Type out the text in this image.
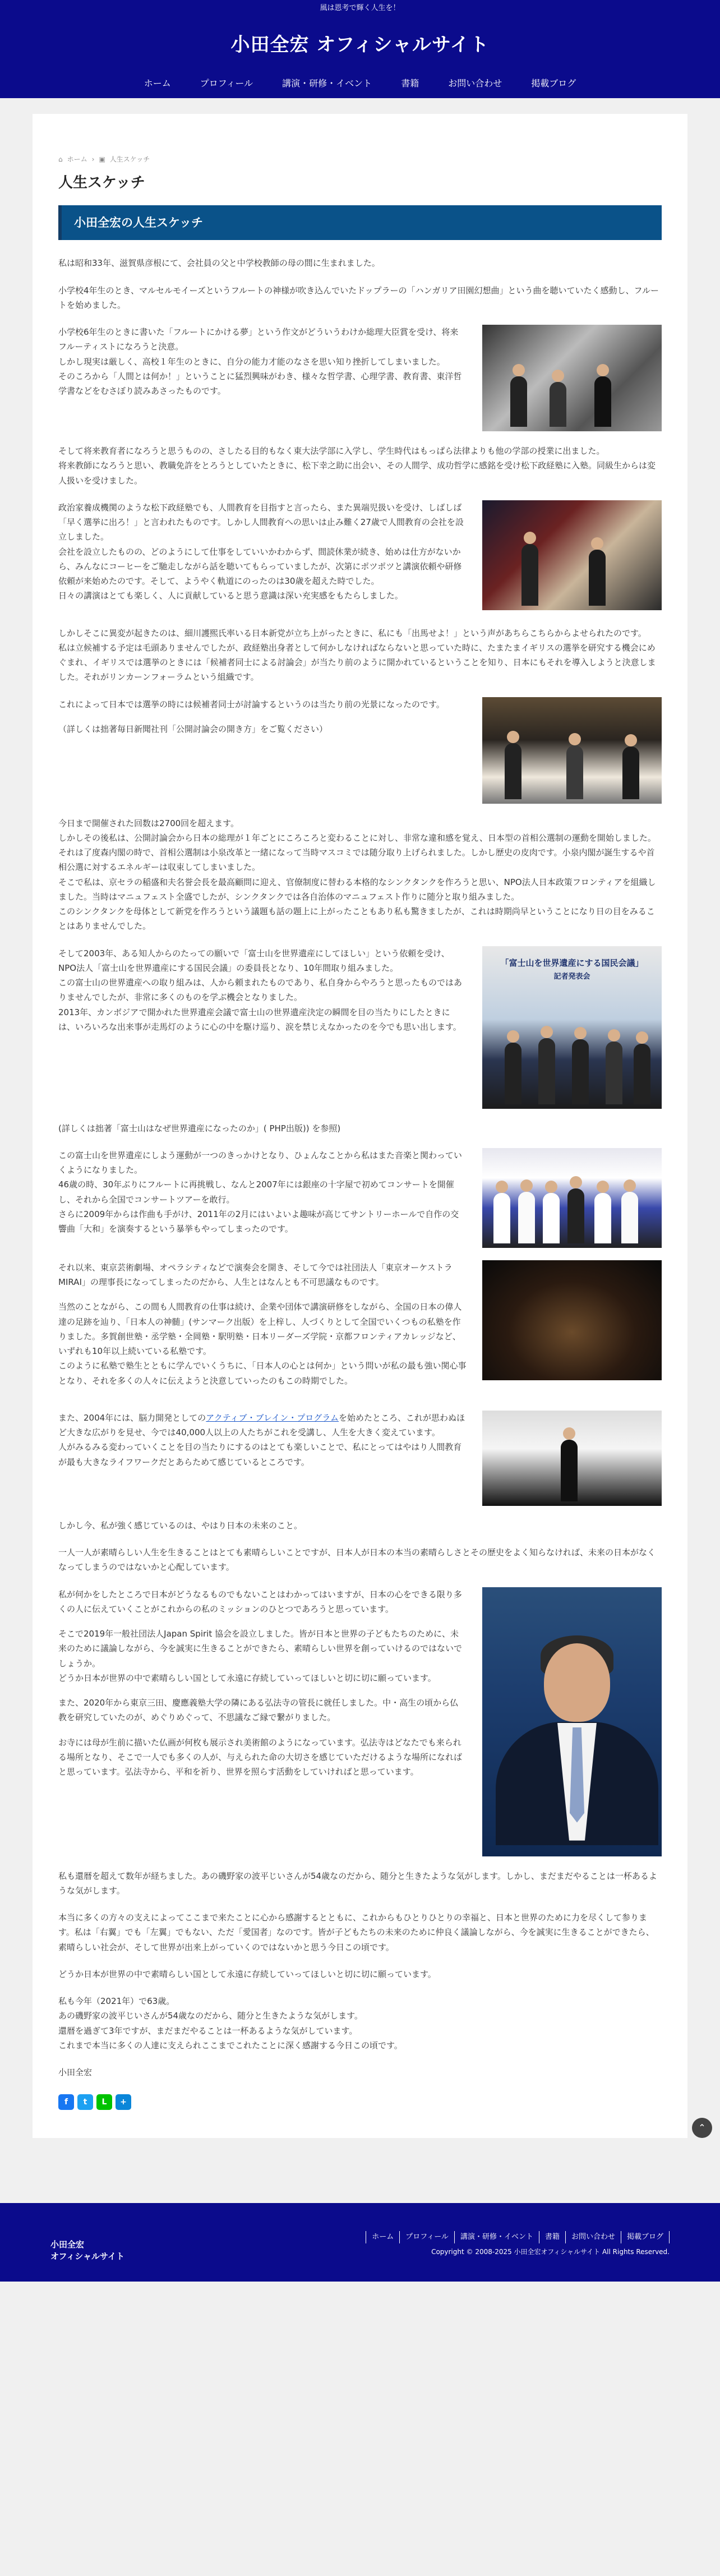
風は恩考で輝く人生を！
小田全宏 オフィシャルサイト
ホーム	プロフィール	講演・研修・イベント	書籍	お問い合わせ	掲載ブログ
⌂ ホーム › ▣ 人生スケッチ
人生スケッチ
小田全宏の人生スケッチ

私は昭和33年、滋賀県彦根にて、会社員の父と中学校教師の母の間に生まれました。

小学校4年生のとき、マルセルモイーズというフルートの神様が吹き込んでいたドップラーの「ハンガリア田園幻想曲」という曲を聴いていたく感動し、フルートを始めました。

小学校6年生のときに書いた「フルートにかける夢」という作文がどういうわけか総理大臣賞を受け、将来フルーティストになろうと決意。
しかし現実は厳しく、高校１年生のときに、自分の能力才能のなさを思い知り挫折してしまいました。
そのころから「人間とは何か！」ということに猛烈興味がわき、様々な哲学書、心理学書、教育書、東洋哲学書などをむさぼり読みあさったものです。

そして将来教育者になろうと思うものの、さしたる目的もなく東大法学部に入学し、学生時代はもっぱら法律よりも他の学部の授業に出ました。
将来教師になろうと思い、教職免許をとろうとしていたときに、松下幸之助に出会い、その人間学、成功哲学に感銘を受け松下政経塾に入塾。同級生からは変人扱いを受けました。

政治家養成機関のような松下政経塾でも、人間教育を目指すと言ったら、また異端児扱いを受け、しばしば「早く選挙に出ろ！」と言われたものです。しかし人間教育への思いは止み難く27歳で人間教育の会社を設立しました。
会社を設立したものの、どのようにして仕事をしていいかわからず、間読休業が続き、始めは仕方がないから、みんなにコーヒーをご馳走しながら話を聴いてもらっていましたが、次第にポツポツと講演依頼や研修依頼が来始めたのです。そして、ようやく軌道にのったのは30歳を超えた時でした。
日々の講演はとても楽しく、人に貢献していると思う意識は深い充実感をもたらしました。

しかしそこに異変が起きたのは、細川護煕氏率いる日本新党が立ち上がったときに、私にも「出馬せよ！」という声があちらこちらからよせられたのです。
私は立候補する予定は毛頭ありませんでしたが、政経塾出身者として何かしなければならないと思っていた時に、たまたまイギリスの選挙を研究する機会にめぐまれ、イギリスでは選挙のときには「候補者同士による討論会」が当たり前のように開かれているということを知り、日本にもそれを導入しようと決意しました。それがリンカーンフォーラムという組織です。

これによって日本では選挙の時には候補者同士が討論するというのは当たり前の光景になったのです。

（詳しくは拙著毎日新聞社刊「公開討論会の開き方」をご覧ください）

今日まで開催された回数は2700回を超えます。
しかしその後私は、公開討論会から日本の総理が１年ごとにころころと変わることに対し、非常な違和感を覚え、日本型の首相公選制の運動を開始しました。
それは了度森内閣の時で、首相公選制は小泉改革と一緒になって当時マスコミでは随分取り上げられました。しかし歴史の皮肉です。小泉内閣が誕生するや首相公選に対するエネルギーは収束してしまいました。
そこで私は、京セラの稲盛和夫名誉会長を最高顧問に迎え、官僚制度に替わる本格的なシンクタンクを作ろうと思い、NPO法人日本政策フロンティアを組織しました。当時はマニュフェスト全盛でしたが、シンクタンクでは各自治体のマニュフェスト作りに随分と取り組みました。
このシンクタンクを母体として新党を作ろうという議題も話の題上に上がったこともあり私も驚きましたが、これは時期尚早ということになり日の目をみることはありませんでした。

そして2003年、ある知人からのたっての願いで「富士山を世界遺産にしてほしい」という依頼を受け、NPO法人「富士山を世界遺産にする国民会議」の委員長となり、10年間取り組みました。
この富士山の世界遺産への取り組みは、人から頼まれたものであり、私自身からやろうと思ったものではありませんでしたが、非常に多くのものを学ぶ機会となりました。
2013年、カンボジアで開かれた世界遺産会議で富士山の世界遺産決定の瞬間を目の当たりにしたときには、いろいろな出来事が走馬灯のように心の中を駆け巡り、涙を禁じえなかったのを今でも思い出します。

「富士山を世界遺産にする国民会議」
記者発表会

(詳しくは拙著「富士山はなぜ世界遺産になったのか」( PHP出版)) を参照)

この富士山を世界遺産にしよう運動が一つのきっかけとなり、ひょんなことから私はまた音楽と関わっていくようになりました。
46歳の時、30年ぶりにフルートに再挑戦し、なんと2007年には銀座の十字屋で初めてコンサートを開催し、それから全国でコンサートツアーを敢行。
さらに2009年からは作曲も手がけ、2011年の2月にはいよいよ趣味が高じてサントリーホールで自作の交響曲「大和」を演奏するという暴挙もやってしまったのです。

それ以来、東京芸術劇場、オペラシティなどで演奏会を開き、そして今では社団法人「東京オーケストラMIRAI」の理事長になってしまったのだから、人生とはなんとも不可思議なものです。

当然のことながら、この間も人間教育の仕事は続け、企業や団体で講演研修をしながら、全国の日本の偉人達の足跡を辿り、「日本人の神髄」(サンマーク出版）を上梓し、人づくりとして全国でいくつもの私塾を作りました。多賀創世塾・丞学塾・全岡塾・駅明塾・日本リーダーズ学院・京都フロンティアカレッジなど、いずれも10年以上続いている私塾です。
このように私塾で塾生とともに学んでいくうちに、「日本人の心とは何か」という問いが私の最も強い関心事となり、それを多くの人々に伝えようと決意していったのもこの時期でした。

また、2004年には、脳力開発としてのアクティブ・ブレイン・プログラムを始めたところ、これが思わぬほど大きな広がりを見せ、今では40,000人以上の人たちがこれを受講し、人生を大きく変えています。
人がみるみる変わっていくことを目の当たりにするのはとても楽しいことで、私にとってはやはり人間教育が最も大きなライフワークだとあらためて感じているところです。

しかし今、私が強く感じているのは、やはり日本の未来のこと。

一人一人が素晴らしい人生を生きることはとても素晴らしいことですが、日本人が日本の本当の素晴らしさとその歴史をよく知らなければ、未来の日本がなくなってしまうのではないかと心配しています。

私が何かをしたところで日本がどうなるものでもないことはわかってはいますが、日本の心をできる限り多くの人に伝えていくことがこれからの私のミッションのひとつであろうと思っています。

そこで2019年一般社団法人Japan Spirit 協会を設立しました。皆が日本と世界の子どもたちのために、未来のために議論しながら、今を誠実に生きることができたら、素晴らしい世界を創っていけるのではないでしょうか。
どうか日本が世界の中で素晴らしい国として永遠に存続していってほしいと切に切に願っています。

また、2020年から東京三田、慶應義塾大学の隣にある弘法寺の管長に就任しました。中・高生の頃から仏教を研究していたのが、めぐりめぐって、不思議なご縁で繋がりました。

お寺には母が生前に描いた仏画が何枚も展示され美術館のようになっています。弘法寺はどなたでも来られる場所となり、そこで一人でも多くの人が、与えられた命の大切さを感じていただけるような場所になればと思っています。弘法寺から、平和を祈り、世界を照らす活動をしていければと思っています。

私も還暦を超えて数年が経ちました。あの磯野家の波平じいさんが54歳なのだから、随分と生きたような気がします。しかし、まだまだやることは一杯あるような気がします。

本当に多くの方々の支えによってここまで来たことに心から感謝するとともに、これからもひとりひとりの幸福と、日本と世界のために力を尽くして参ります。私は「右翼」でも「左翼」でもない、ただ「愛国者」なのです。皆が子どもたちの未来のために仲良く議論しながら、今を誠実に生きることができたら、素晴らしい社会が、そして世界が出来上がっていくのではないかと思う今日この頃です。

どうか日本が世界の中で素晴らしい国として永遠に存続していってほしいと切に切に願っています。

私も今年（2021年）で63歳。
あの磯野家の波平じいさんが54歳なのだから、随分と生きたような気がします。
還暦を過ぎて3年ですが、まだまだやることは一杯あるような気がしています。
これまで本当に多くの人達に支えられここまでこれたことに深く感謝する今日この頃です。

小田全宏

f	t	L	+
⌃
小田全宏
オフィシャルサイト
ホーム	プロフィール	講演・研修・イベント	書籍	お問い合わせ	掲載ブログ
Copyright © 2008-2025 小田全宏オフィシャルサイト All Rights Reserved.
